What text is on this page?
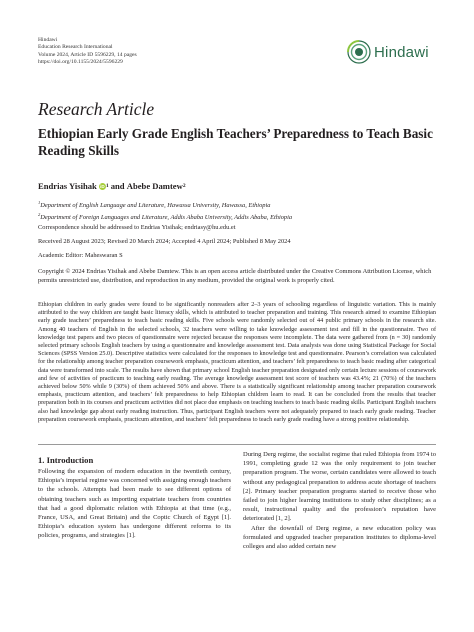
Hindawi
Education Research International
Volume 2024, Article ID 5596229, 14 pages
https://doi.org/10.1155/2024/5596229
Hindawi
Research Article
Ethiopian Early Grade English Teachers’ Preparedness to Teach Basic Reading Skills
Endrias Yisihak iD 1 and Abebe Damtew 2
$^1$Department of English Language and Literature, Hawassa University, Hawassa, Ethiopia
$^2$Department of Foreign Languages and Literature, Addis Ababa University, Addis Ababa, Ethiopia
Correspondence should be addressed to Endrias Yisihak; endriasy@hu.edu.et
Received 28 August 2023; Revised 20 March 2024; Accepted 4 April 2024; Published 8 May 2024
Academic Editor: Maheswaran S
Copyright © 2024 Endrias Yisihak and Abebe Damtew. This is an open access article distributed under the Creative Commons Attribution License, which permits unrestricted use, distribution, and reproduction in any medium, provided the original work is properly cited.
Ethiopian children in early grades were found to be significantly nonreaders after 2–3 years of schooling regardless of linguistic variation. This is mainly attributed to the way children are taught basic literacy skills, which is attributed to teacher preparation and training. This research aimed to examine Ethiopian early grade teachers’ preparedness to teach basic reading skills. Five schools were randomly selected out of 44 public primary schools in the research site. Among 40 teachers of English in the selected schools, 32 teachers were willing to take knowledge assessment test and fill in the questionnaire. Two of knowledge test papers and two pieces of questionnaire were rejected because the responses were incomplete. The data were gathered from (n = 30) randomly selected primary schools English teachers by using a questionnaire and knowledge assessment test. Data analysis was done using Statistical Package for Social Sciences (SPSS Version 25.0). Descriptive statistics were calculated for the responses to knowledge test and questionnaire. Pearson’s correlation was calculated for the relationship among teacher preparation coursework emphasis, practicum attention, and teachers’ felt preparedness to teach basic reading after categorical data were transformed into scale. The results have shown that primary school English teacher preparation designated only certain lecture sessions of coursework and few of activities of practicum to teaching early reading. The average knowledge assessment test score of teachers was 43.4%; 21 (70%) of the teachers achieved below 50% while 9 (30%) of them achieved 50% and above. There is a statistically significant relationship among teacher preparation coursework emphasis, practicum attention, and teachers’ felt preparedness to help Ethiopian children learn to read. It can be concluded from the results that teacher preparation both in its courses and practicum activities did not place due emphasis on teaching teachers to teach basic reading skills. Participant English teachers also had knowledge gap about early reading instruction. Thus, participant English teachers were not adequately prepared to teach early grade reading. Teacher preparation coursework emphasis, practicum attention, and teachers’ felt preparedness to teach early grade reading have a strong positive relationship.
1. Introduction

Following the expansion of modern education in the twentieth century, Ethiopia’s imperial regime was concerned with assigning enough teachers to the schools. Attempts had been made to see different options of obtaining teachers such as importing expatriate teachers from countries that had a good diplomatic relation with Ethiopia at that time (e.g., France, USA, and Great Britain) and the Coptic Church of Egypt [1]. Ethiopia’s education system has undergone different reforms to its policies, programs, and strategies [1].

During Derg regime, the socialist regime that ruled Ethiopia from 1974 to 1991, completing grade 12 was the only requirement to join teacher preparation program. The worse, certain candidates were allowed to teach without any pedagogical preparation to address acute shortage of teachers [2]. Primary teacher preparation programs started to receive those who failed to join higher learning institutions to study other disciplines; as a result, instructional quality and the profession’s reputation have deteriorated [1, 2].

After the downfall of Derg regime, a new education policy was formulated and upgraded teacher preparation institutes to diploma-level colleges and also added certain new
